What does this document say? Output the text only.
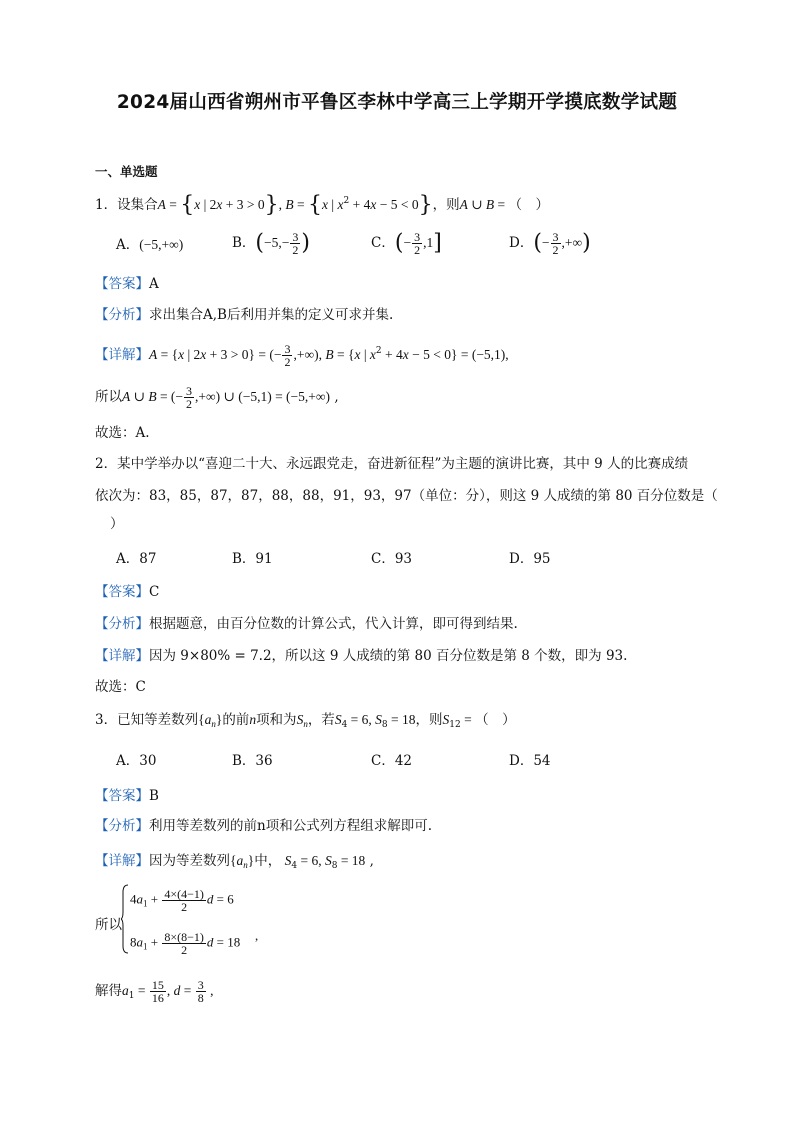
2024届山西省朔州市平鲁区李林中学高三上学期开学摸底数学试题
一、单选题
1．设集合A = {x | 2x + 3 > 0}, B = {x | $x^2 + 4x - 5 < 0$}，则A ∪ B = （　）
A．(−5,+∞)	B．($-5,- \frac{3}{2}$ )	C．(− $\frac{3}{2} ,1$]	D．(− $\frac{3}{2}$ ,+∞)
【 答案 】 A
【 分析 】 求出集合A,B后利用并集的定义可求并集.
【 详解 】 A = {x | 2x + 3 > 0} = (− $\frac{3}{2}$ ,+∞), B = {x | $x^2 + 4x - 5 < 0\} = (-5,1)$,
所以A ∪ B = (− $\frac{3}{2}$ ,+∞) ∪ (−5,1) = (−5,+∞) ,
故选：A.
2．某中学举办以“喜迎二十大、永远跟党走，奋进新征程”为主题的演讲比赛，其中 9 人的比赛成绩
依次为：83，85，87，87，88，88，91，93，97（单位：分），则这 9 人成绩的第 80 百分位数是（
）
A．87	B．91	C．93	D．95
【 答案 】 C
【 分析 】 根据题意，由百分位数的计算公式，代入计算，即可得到结果.
【 详解 】 因为 9×80% = 7.2，所以这 9 人成绩的第 80 百分位数是第 8 个数，即为 93.
故选：C
3．已知等差数列$\{a_n\}$的前n项和为$S_n$，若$S_4 = 6$, $S_8 = 18$，则$S_{12}$ = （　）
A．30	B．36	C．42	D．54
【 答案 】 B
【 分析 】 利用等差数列的前n项和公式列方程组求解即可.
【 详解 】 因为等差数列$\{a_n\}$中， $S_4 = 6$, $S_8 = 18$ ,
所以
$4a_1 + \frac{4\times(4-1)}{2}$ d = 6
,
$8a_1 + \frac{8\times(8-1)}{2}$ d = 18
解得$a_1 = \frac{15}{16}$ , $d = \frac{3}{8}$ ,
